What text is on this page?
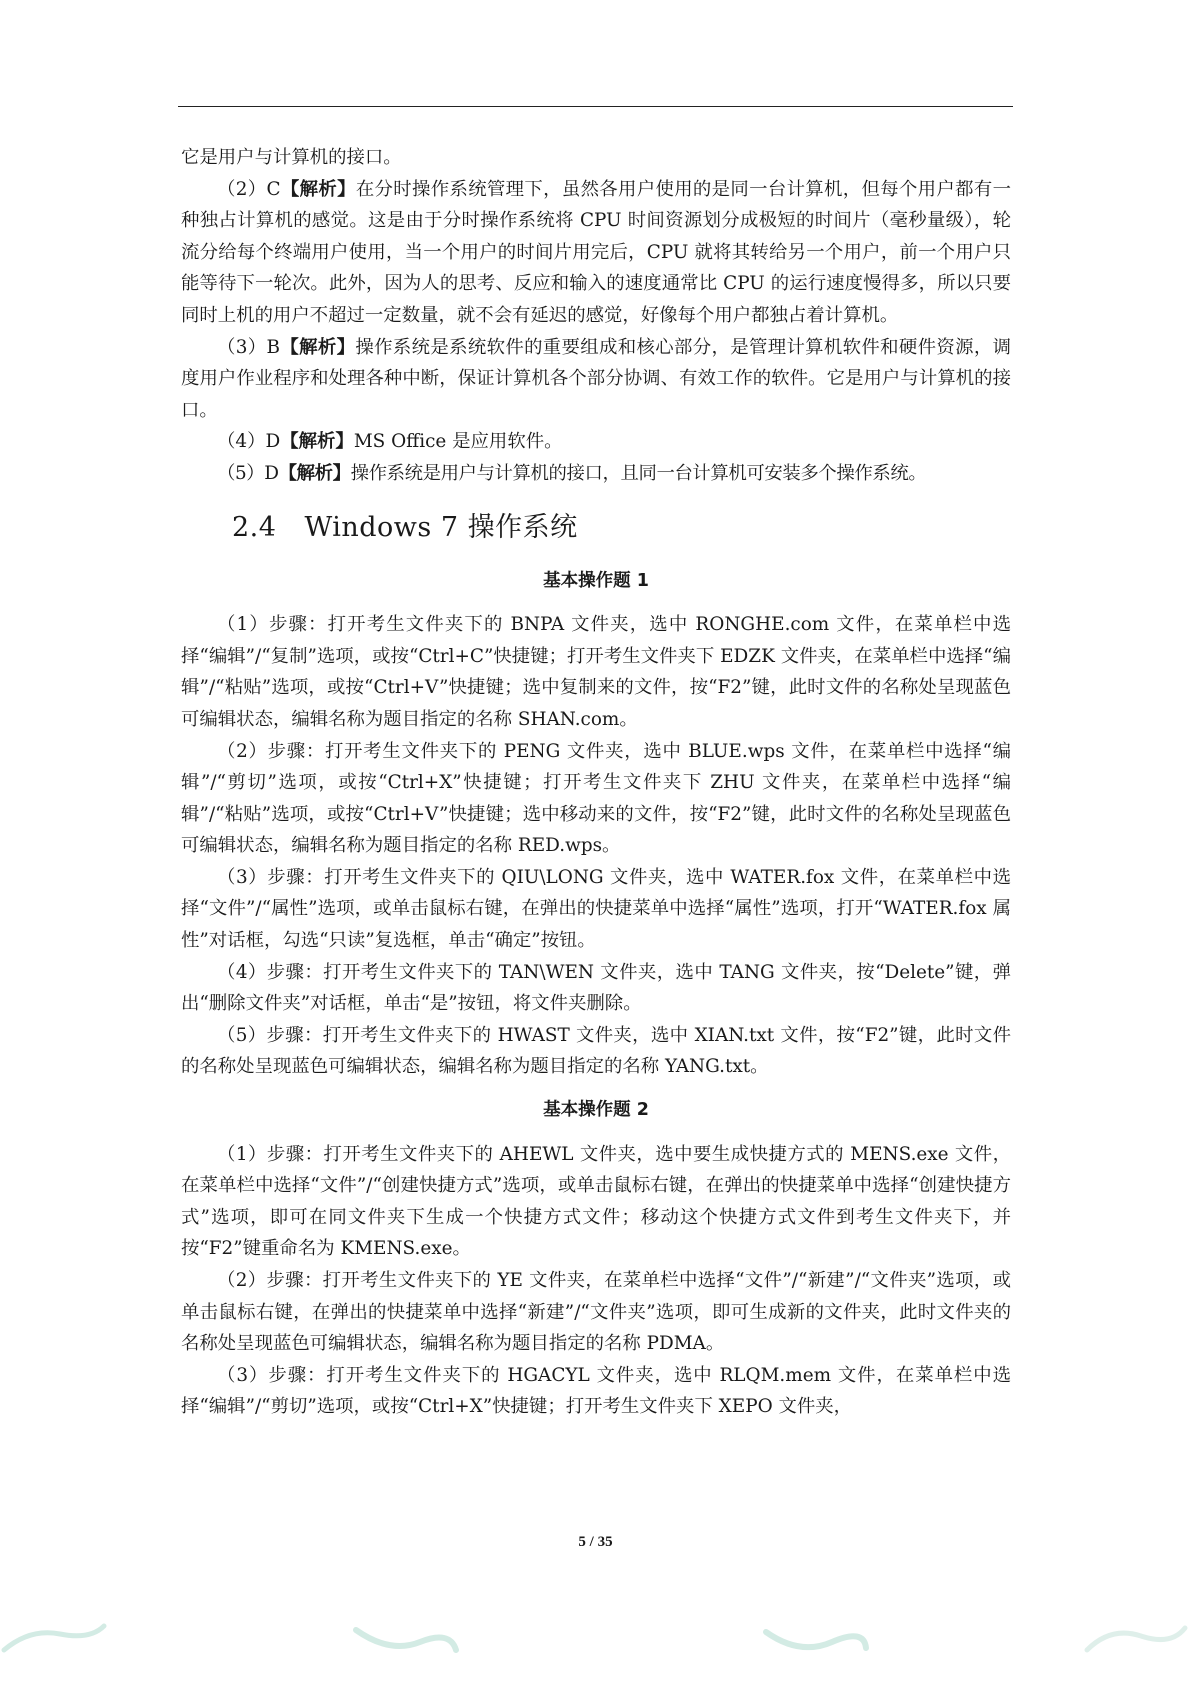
它是用户与计算机的接口。

（2）C【解析】在分时操作系统管理下，虽然各用户使用的是同一台计算机，但每个用户都有一种独占计算机的感觉。这是由于分时操作系统将 CPU 时间资源划分成极短的时间片（毫秒量级），轮流分给每个终端用户使用，当一个用户的时间片用完后，CPU 就将其转给另一个用户，前一个用户只能等待下一轮次。此外，因为人的思考、反应和输入的速度通常比 CPU 的运行速度慢得多，所以只要同时上机的用户不超过一定数量，就不会有延迟的感觉，好像每个用户都独占着计算机。

（3）B【解析】操作系统是系统软件的重要组成和核心部分，是管理计算机软件和硬件资源，调度用户作业程序和处理各种中断，保证计算机各个部分协调、有效工作的软件。它是用户与计算机的接口。

（4）D【解析】MS Office 是应用软件。

（5）D【解析】操作系统是用户与计算机的接口，且同一台计算机可安装多个操作系统。

2.4 Windows 7 操作系统

基本操作题 1

（1）步骤：打开考生文件夹下的 BNPA 文件夹，选中 RONGHE.com 文件，在菜单栏中选择“编辑”/“复制”选项，或按“Ctrl+C”快捷键；打开考生文件夹下 EDZK 文件夹，在菜单栏中选择“编辑”/“粘贴”选项，或按“Ctrl+V”快捷键；选中复制来的文件，按“F2”键，此时文件的名称处呈现蓝色可编辑状态，编辑名称为题目指定的名称 SHAN.com。

（2）步骤：打开考生文件夹下的 PENG 文件夹，选中 BLUE.wps 文件，在菜单栏中选择“编辑”/“剪切”选项，或按“Ctrl+X”快捷键；打开考生文件夹下 ZHU 文件夹，在菜单栏中选择“编辑”/“粘贴”选项，或按“Ctrl+V”快捷键；选中移动来的文件，按“F2”键，此时文件的名称处呈现蓝色可编辑状态，编辑名称为题目指定的名称 RED.wps。

（3）步骤：打开考生文件夹下的 QIU\LONG 文件夹，选中 WATER.fox 文件，在菜单栏中选择“文件”/“属性”选项，或单击鼠标右键，在弹出的快捷菜单中选择“属性”选项，打开“WATER.fox 属性”对话框，勾选“只读”复选框，单击“确定”按钮。

（4）步骤：打开考生文件夹下的 TAN\WEN 文件夹，选中 TANG 文件夹，按“Delete”键，弹出“删除文件夹”对话框，单击“是”按钮，将文件夹删除。

（5）步骤：打开考生文件夹下的 HWAST 文件夹，选中 XIAN.txt 文件，按“F2”键，此时文件的名称处呈现蓝色可编辑状态，编辑名称为题目指定的名称 YANG.txt。

基本操作题 2

（1）步骤：打开考生文件夹下的 AHEWL 文件夹，选中要生成快捷方式的 MENS.exe 文件，在菜单栏中选择“文件”/“创建快捷方式”选项，或单击鼠标右键，在弹出的快捷菜单中选择“创建快捷方式”选项，即可在同文件夹下生成一个快捷方式文件；移动这个快捷方式文件到考生文件夹下，并按“F2”键重命名为 KMENS.exe。

（2）步骤：打开考生文件夹下的 YE 文件夹，在菜单栏中选择“文件”/“新建”/“文件夹”选项，或单击鼠标右键，在弹出的快捷菜单中选择“新建”/“文件夹”选项，即可生成新的文件夹，此时文件夹的名称处呈现蓝色可编辑状态，编辑名称为题目指定的名称 PDMA。

（3）步骤：打开考生文件夹下的 HGACYL 文件夹，选中 RLQM.mem 文件，在菜单栏中选择“编辑”/“剪切”选项，或按“Ctrl+X”快捷键；打开考生文件夹下 XEPO 文件夹，

5 / 35
